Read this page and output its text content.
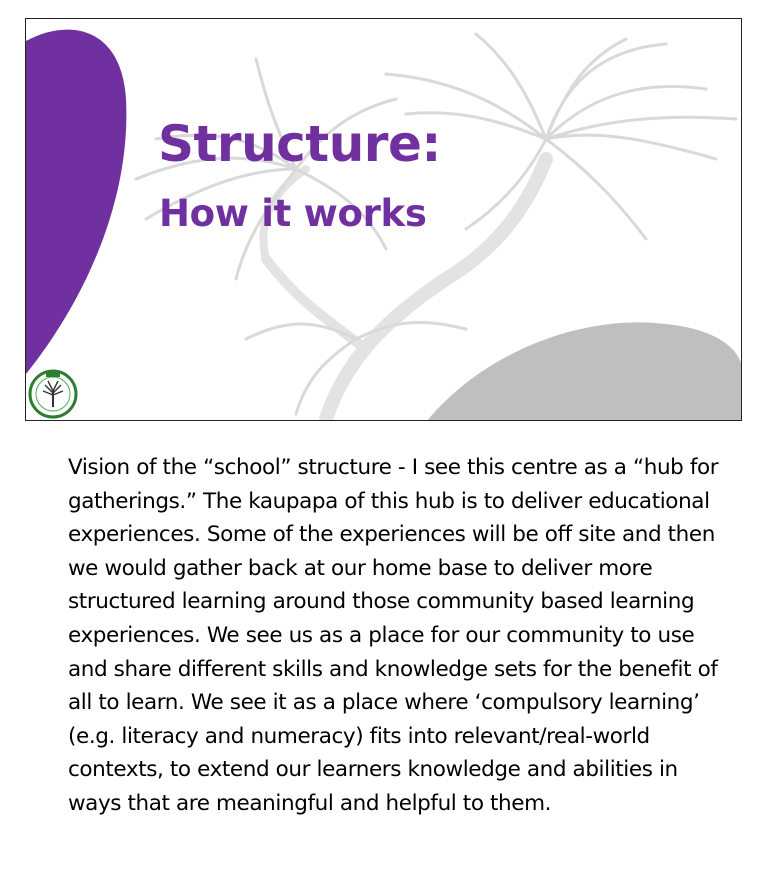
Structure:
How it works

Vision of the “school” structure - I see this centre as a “hub for gatherings.” The kaupapa of this hub is to deliver educational experiences. Some of the experiences will be off site and then we would gather back at our home base to deliver more structured learning around those community based learning experiences. We see us as a place for our community to use and share different skills and knowledge sets for the benefit of all to learn. We see it as a place where ‘compulsory learning’ (e.g. literacy and numeracy) fits into relevant/real-world contexts, to extend our learners knowledge and abilities in ways that are meaningful and helpful to them.
